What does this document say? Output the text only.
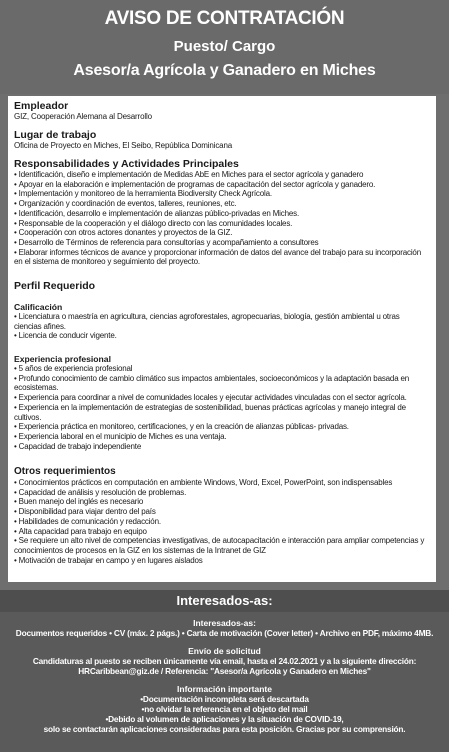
AVISO DE CONTRATACIÓN
Puesto/ Cargo
Asesor/a Agrícola y Ganadero en Miches
Empleador
GIZ, Cooperación Alemana al Desarrollo
Lugar de trabajo
Oficina de Proyecto en Miches, El Seibo, República Dominicana
Responsabilidades y Actividades Principales
• Identificación, diseño e implementación de Medidas AbE en Miches para el sector agrícola y ganadero
• Apoyar en la elaboración e implementación de programas de capacitación del sector agrícola y ganadero.
• Implementación y monitoreo de la herramienta Biodiversity Check Agrícola.
• Organización y coordinación de eventos, talleres, reuniones, etc.
• Identificación, desarrollo e implementación de alianzas público-privadas en Miches.
• Responsable de la cooperación y el diálogo directo con las comunidades locales.
• Cooperación con otros actores donantes y proyectos de la GIZ.
• Desarrollo de Términos de referencia para consultorías y acompañamiento a consultores
• Elaborar informes técnicos de avance y proporcionar información de datos del avance del trabajo para su incorporación en el sistema de monitoreo y seguimiento del proyecto.
Perfil Requerido
Calificación
• Licenciatura o maestría en agricultura, ciencias agroforestales, agropecuarias, biología, gestión ambiental u otras ciencias afines.
• Licencia de conducir vigente.
Experiencia profesional
• 5 años de experiencia profesional
• Profundo conocimiento de cambio climático sus impactos ambientales, socioeconómicos y la adaptación basada en ecosistemas.
• Experiencia para coordinar a nivel de comunidades locales y ejecutar actividades vinculadas con el sector agrícola.
• Experiencia en la implementación de estrategias de sostenibilidad, buenas prácticas agrícolas y manejo integral de cultivos.
• Experiencia práctica en monitoreo, certificaciones, y en la creación de alianzas públicas- privadas.
• Experiencia laboral en el municipio de Miches es una ventaja.
• Capacidad de trabajo independiente
Otros requerimientos
• Conocimientos prácticos en computación en ambiente Windows, Word, Excel, PowerPoint, son indispensables
• Capacidad de análisis y resolución de problemas.
• Buen manejo del inglés es necesario
• Disponibilidad para viajar dentro del país
• Habilidades de comunicación y redacción.
• Alta capacidad para trabajo en equipo
• Se requiere un alto nivel de competencias investigativas, de autocapacitación e interacción para ampliar competencias y conocimientos de procesos en la GIZ en los sistemas de la Intranet de GIZ
• Motivación de trabajar en campo y en lugares aislados
Interesados-as:
Interesados-as:
Documentos requeridos • CV (máx. 2 págs.) • Carta de motivación (Cover letter) • Archivo en PDF, máximo 4MB.
Envío de solicitud
Candidaturas al puesto se reciben únicamente vía email, hasta el 24.02.2021 y a la siguiente dirección:
HRCaribbean@giz.de / Referencia: "Asesor/a Agrícola y Ganadero en Miches"
Información importante
•Documentación incompleta será descartada
•no olvidar la referencia en el objeto del mail
•Debido al volumen de aplicaciones y la situación de COVID-19,
solo se contactarán aplicaciones consideradas para esta posición. Gracias por su comprensión.
